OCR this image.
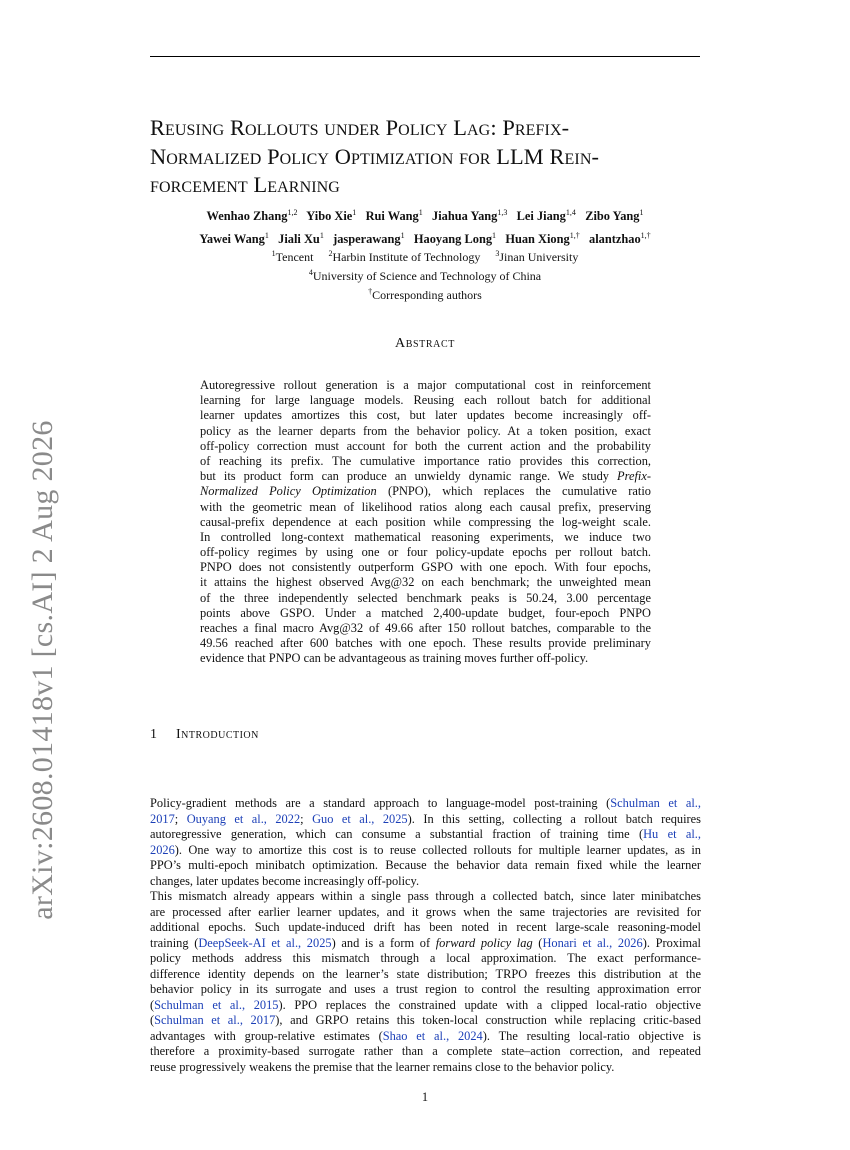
arXiv:2608.01418v1 [cs.AI] 2 Aug 2026
Reusing Rollouts under Policy Lag: Prefix-
Normalized Policy Optimization for LLM Rein-
forcement Learning
Wenhao Zhang$^{1,2}$ Yibo Xie$^1$ Rui Wang$^1$ Jiahua Yang$^{1,3}$ Lei Jiang$^{1,4}$ Zibo Yang$^1$
Yawei Wang$^1$ Jiali Xu$^1$ jasperawang$^1$ Haoyang Long$^1$ Huan Xiong$^{1,\dagger}$ alantzhao$^{1,\dagger}$
$^1$Tencent $^2$Harbin Institute of Technology $^3$Jinan University
$^4$University of Science and Technology of China
†Corresponding authors
Abstract
Autoregressive rollout generation is a major computational cost in reinforcement
learning for large language models. Reusing each rollout batch for additional
learner updates amortizes this cost, but later updates become increasingly off-
policy as the learner departs from the behavior policy. At a token position, exact
off-policy correction must account for both the current action and the probability
of reaching its prefix. The cumulative importance ratio provides this correction,
but its product form can produce an unwieldy dynamic range. We study Prefix-
Normalized Policy Optimization (PNPO), which replaces the cumulative ratio
with the geometric mean of likelihood ratios along each causal prefix, preserving
causal-prefix dependence at each position while compressing the log-weight scale.
In controlled long-context mathematical reasoning experiments, we induce two
off-policy regimes by using one or four policy-update epochs per rollout batch.
PNPO does not consistently outperform GSPO with one epoch. With four epochs,
it attains the highest observed Avg@32 on each benchmark; the unweighted mean
of the three independently selected benchmark peaks is 50.24, 3.00 percentage
points above GSPO. Under a matched 2,400-update budget, four-epoch PNPO
reaches a final macro Avg@32 of 49.66 after 150 rollout batches, comparable to the
49.56 reached after 600 batches with one epoch. These results provide preliminary
evidence that PNPO can be advantageous as training moves further off-policy.
1 Introduction
Policy-gradient methods are a standard approach to language-model post-training (Schulman et al.,
2017; Ouyang et al., 2022; Guo et al., 2025). In this setting, collecting a rollout batch requires
autoregressive generation, which can consume a substantial fraction of training time (Hu et al.,
2026). One way to amortize this cost is to reuse collected rollouts for multiple learner updates, as in
PPO’s multi-epoch minibatch optimization. Because the behavior data remain fixed while the learner
changes, later updates become increasingly off-policy.
This mismatch already appears within a single pass through a collected batch, since later minibatches
are processed after earlier learner updates, and it grows when the same trajectories are revisited for
additional epochs. Such update-induced drift has been noted in recent large-scale reasoning-model
training (DeepSeek-AI et al., 2025) and is a form of forward policy lag (Honari et al., 2026). Proximal
policy methods address this mismatch through a local approximation. The exact performance-
difference identity depends on the learner’s state distribution; TRPO freezes this distribution at the
behavior policy in its surrogate and uses a trust region to control the resulting approximation error
(Schulman et al., 2015). PPO replaces the constrained update with a clipped local-ratio objective
(Schulman et al., 2017), and GRPO retains this token-local construction while replacing critic-based
advantages with group-relative estimates (Shao et al., 2024). The resulting local-ratio objective is
therefore a proximity-based surrogate rather than a complete state–action correction, and repeated
reuse progressively weakens the premise that the learner remains close to the behavior policy.
1
